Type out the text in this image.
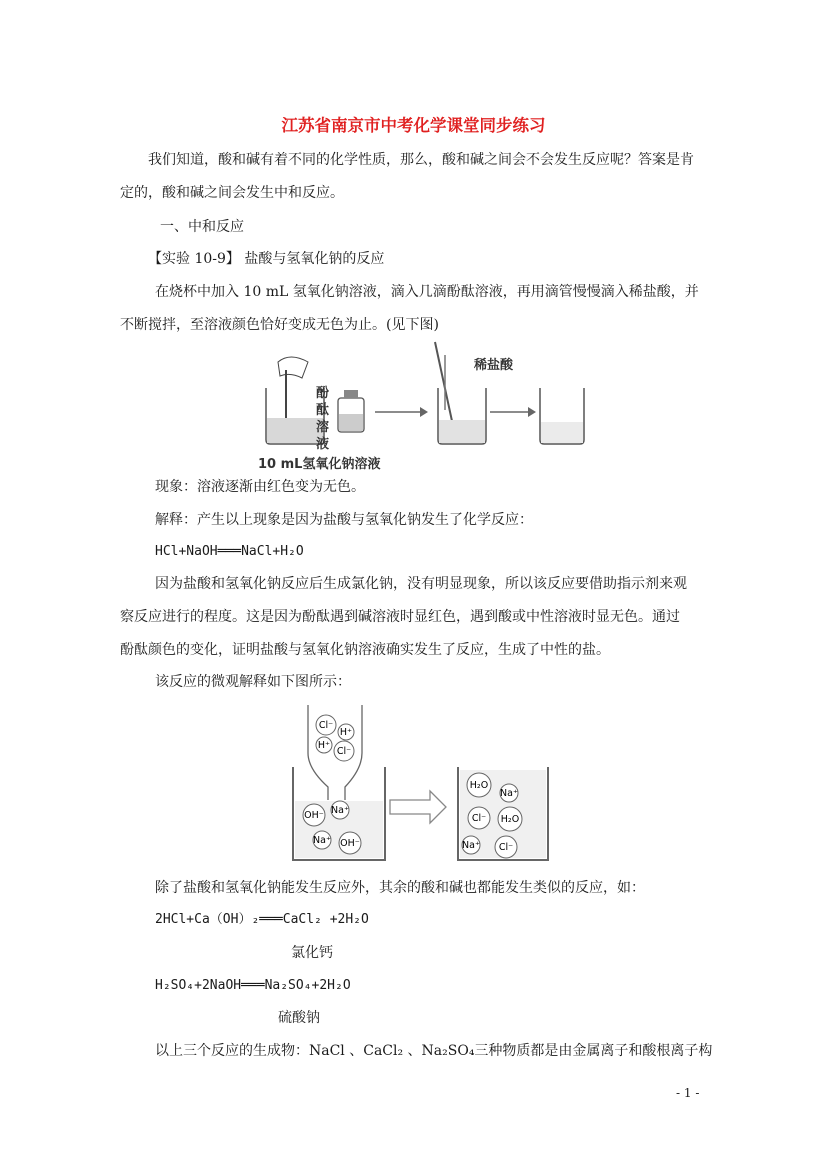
江苏省南京市中考化学课堂同步练习
我们知道，酸和碱有着不同的化学性质，那么，酸和碱之间会不会发生反应呢？答案是肯
定的，酸和碱之间会发生中和反应。
一、中和反应
【实验 10-9】 盐酸与氢氧化钠的反应
在烧杯中加入 10 mL 氢氧化钠溶液，滴入几滴酚酞溶液，再用滴管慢慢滴入稀盐酸，并
不断搅拌，至溶液颜色恰好变成无色为止。(见下图)
酚
酞
溶
液
稀盐酸
10 mL氢氧化钠溶液
现象：溶液逐渐由红色变为无色。
解释：产生以上现象是因为盐酸与氢氧化钠发生了化学反应：
HCl+NaOH═══NaCl+H₂O
因为盐酸和氢氧化钠反应后生成氯化钠，没有明显现象，所以该反应要借助指示剂来观
察反应进行的程度。这是因为酚酞遇到碱溶液时显红色，遇到酸或中性溶液时显无色。通过
酚酞颜色的变化，证明盐酸与氢氧化钠溶液确实发生了反应，生成了中性的盐。
该反应的微观解释如下图所示：
Cl⁻
H⁺
H⁺
Cl⁻
OH⁻ Na⁺
Na⁺ OH⁻
H₂O
Na⁺
Cl⁻ H₂O
Na⁺ Cl⁻
除了盐酸和氢氧化钠能发生反应外，其余的酸和碱也都能发生类似的反应，如：
2HCl+Ca（OH）₂═══CaCl₂ +2H₂O
氯化钙
H₂SO₄+2NaOH═══Na₂SO₄+2H₂O
硫酸钠
以上三个反应的生成物：NaCl 、CaCl₂ 、Na₂SO₄三种物质都是由金属离子和酸根离子构
- 1 -
